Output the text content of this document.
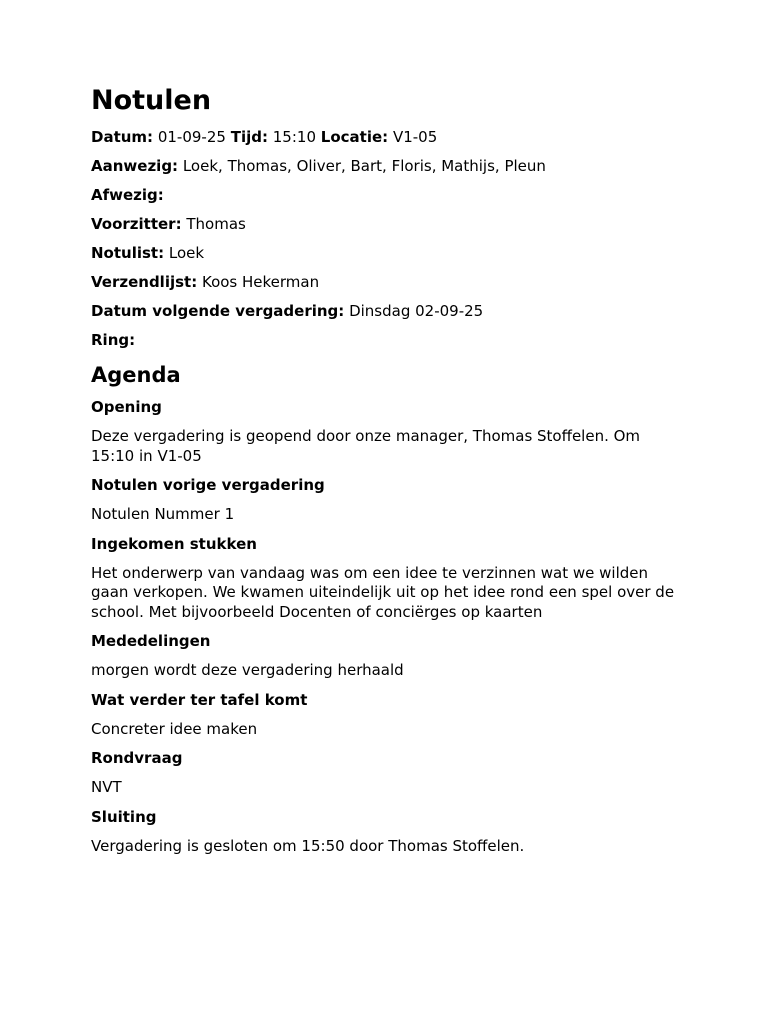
Notulen

Datum: 01-09-25 Tijd: 15:10 Locatie: V1-05

Aanwezig: Loek, Thomas, Oliver, Bart, Floris, Mathijs, Pleun

Afwezig:

Voorzitter: Thomas

Notulist: Loek

Verzendlijst: Koos Hekerman

Datum volgende vergadering: Dinsdag 02-09-25

Ring:

Agenda

Opening

Deze vergadering is geopend door onze manager, Thomas Stoffelen. Om 15:10 in V1-05

Notulen vorige vergadering

Notulen Nummer 1

Ingekomen stukken

Het onderwerp van vandaag was om een idee te verzinnen wat we wilden gaan verkopen. We kwamen uiteindelijk uit op het idee rond een spel over de school. Met bijvoorbeeld Docenten of conciërges op kaarten

Mededelingen

morgen wordt deze vergadering herhaald

Wat verder ter tafel komt

Concreter idee maken

Rondvraag

NVT

Sluiting

Vergadering is gesloten om 15:50 door Thomas Stoffelen.
